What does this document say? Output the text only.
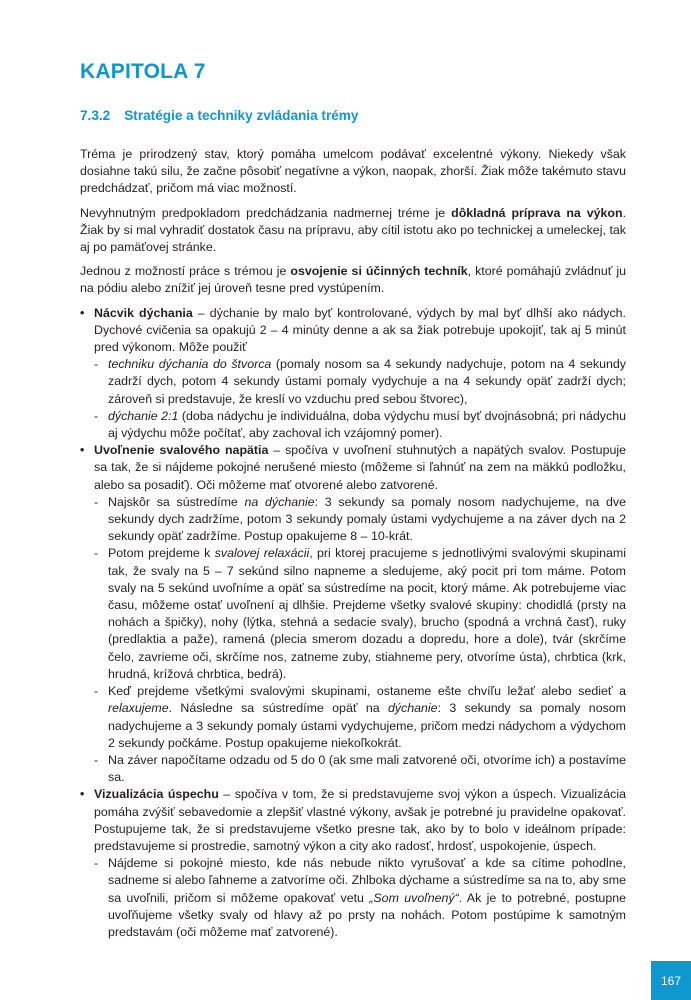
KAPITOLA 7
7.3.2 Stratégie a techniky zvládania trémy

Tréma je prirodzený stav, ktorý pomáha umelcom podávať excelentné výkony. Niekedy však dosiahne takú silu, že začne pôsobiť negatívne a výkon, naopak, zhorší. Žiak môže takémuto stavu predchádzať, pričom má viac možností.

Nevyhnutným predpokladom predchádzania nadmernej tréme je dôkladná príprava na výkon. Žiak by si mal vyhradiť dostatok času na prípravu, aby cítil istotu ako po technickej a umeleckej, tak aj po pamäťovej stránke.

Jednou z možností práce s trémou je osvojenie si účinných techník, ktoré pomáhajú zvládnuť ju na pódiu alebo znížiť jej úroveň tesne pred vystúpením.

• Nácvik dýchania – dýchanie by malo byť kontrolované, výdych by mal byť dlhší ako nádych. Dychové cvičenia sa opakujú 2 – 4 minúty denne a ak sa žiak potrebuje upokojiť, tak aj 5 minút pred výkonom. Môže použiť
- techniku dýchania do štvorca (pomaly nosom sa 4 sekundy nadychuje, potom na 4 sekundy zadrží dych, potom 4 sekundy ústami pomaly vydychuje a na 4 sekundy opäť zadrží dych; zároveň si predstavuje, že kreslí vo vzduchu pred sebou štvorec),
- dýchanie 2:1 (doba nádychu je individuálna, doba výdychu musí byť dvojnásobná; pri nádychu aj výdychu môže počítať, aby zachoval ich vzájomný pomer).
• Uvoľnenie svalového napätia – spočíva v uvoľnení stuhnutých a napätých svalov. Postupuje sa tak, že si nájdeme pokojné nerušené miesto (môžeme si ľahnúť na zem na mäkkú podložku, alebo sa posadiť). Oči môžeme mať otvorené alebo zatvorené.
- Najskôr sa sústredíme na dýchanie: 3 sekundy sa pomaly nosom nadychujeme, na dve sekundy dych zadržíme, potom 3 sekundy pomaly ústami vydychujeme a na záver dych na 2 sekundy opäť zadržíme. Postup opakujeme 8 – 10-krát.
- Potom prejdeme k svalovej relaxácii, pri ktorej pracujeme s jednotlivými svalovými skupinami tak, že svaly na 5 – 7 sekúnd silno napneme a sledujeme, aký pocit pri tom máme. Potom svaly na 5 sekúnd uvoľníme a opäť sa sústredíme na pocit, ktorý máme. Ak potrebujeme viac času, môžeme ostať uvoľnení aj dlhšie. Prejdeme všetky svalové skupiny: chodidlá (prsty na nohách a špičky), nohy (lýtka, stehná a sedacie svaly), brucho (spodná a vrchná časť), ruky (predlaktia a paže), ramená (plecia smerom dozadu a dopredu, hore a dole), tvár (skrčíme čelo, zavrieme oči, skrčíme nos, zatneme zuby, stiahneme pery, otvoríme ústa), chrbtica (krk, hrudná, krížová chrbtica, bedrá).
- Keď prejdeme všetkými svalovými skupinami, ostaneme ešte chvíľu ležať alebo sedieť a relaxujeme. Následne sa sústredíme opäť na dýchanie: 3 sekundy sa pomaly nosom nadychujeme a 3 sekundy pomaly ústami vydychujeme, pričom medzi nádychom a výdychom 2 sekundy počkáme. Postup opakujeme niekoľkokrát.
- Na záver napočítame odzadu od 5 do 0 (ak sme mali zatvorené oči, otvoríme ich) a postavíme sa.
• Vizualizácia úspechu – spočíva v tom, že si predstavujeme svoj výkon a úspech. Vizualizácia pomáha zvýšiť sebavedomie a zlepšiť vlastné výkony, avšak je potrebné ju pravidelne opakovať. Postupujeme tak, že si predstavujeme všetko presne tak, ako by to bolo v ideálnom prípade: predstavujeme si prostredie, samotný výkon a city ako radosť, hrdosť, uspokojenie, úspech.
- Nájdeme si pokojné miesto, kde nás nebude nikto vyrušovať a kde sa cítime pohodlne, sadneme si alebo ľahneme a zatvoríme oči. Zhlboka dýchame a sústredíme sa na to, aby sme sa uvoľnili, pričom si môžeme opakovať vetu „Som uvoľnený“. Ak je to potrebné, postupne uvoľňujeme všetky svaly od hlavy až po prsty na nohách. Potom postúpime k samotným predstavám (oči môžeme mať zatvorené).
167
